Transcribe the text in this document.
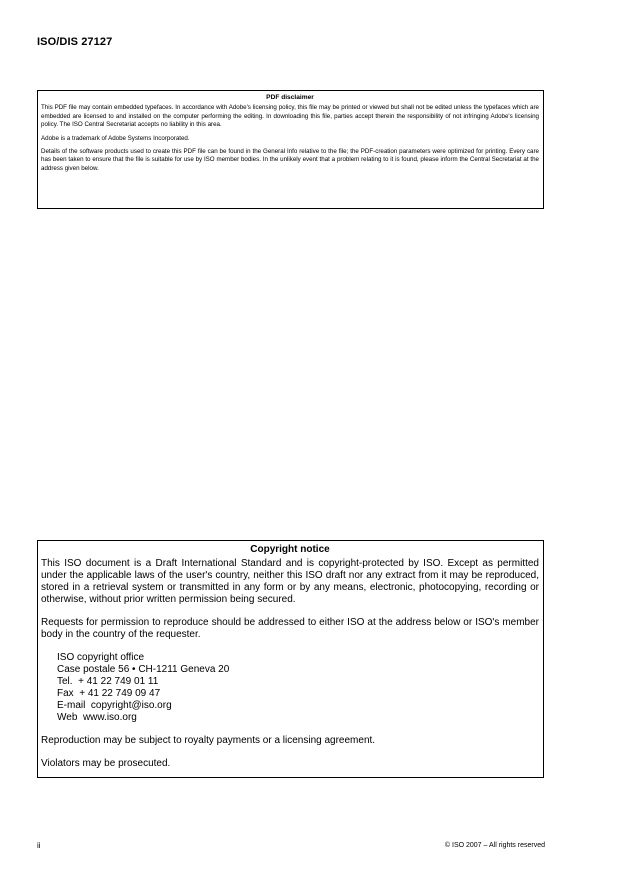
ISO/DIS 27127
PDF disclaimer

This PDF file may contain embedded typefaces. In accordance with Adobe's licensing policy, this file may be printed or viewed but shall not be edited unless the typefaces which are embedded are licensed to and installed on the computer performing the editing. In downloading this file, parties accept therein the responsibility of not infringing Adobe's licensing policy. The ISO Central Secretariat accepts no liability in this area.

Adobe is a trademark of Adobe Systems Incorporated.

Details of the software products used to create this PDF file can be found in the General Info relative to the file; the PDF-creation parameters were optimized for printing. Every care has been taken to ensure that the file is suitable for use by ISO member bodies. In the unlikely event that a problem relating to it is found, please inform the Central Secretariat at the address given below.

Copyright notice

This ISO document is a Draft International Standard and is copyright-protected by ISO. Except as permitted under the applicable laws of the user's country, neither this ISO draft nor any extract from it may be reproduced, stored in a retrieval system or transmitted in any form or by any means, electronic, photocopying, recording or otherwise, without prior written permission being secured.

Requests for permission to reproduce should be addressed to either ISO at the address below or ISO's member body in the country of the requester.

ISO copyright office
Case postale 56 • CH-1211 Geneva 20
Tel.  + 41 22 749 01 11
Fax  + 41 22 749 09 47
E-mail  copyright@iso.org
Web  www.iso.org

Reproduction may be subject to royalty payments or a licensing agreement.

Violators may be prosecuted.

ii	© ISO 2007 – All rights reserved
